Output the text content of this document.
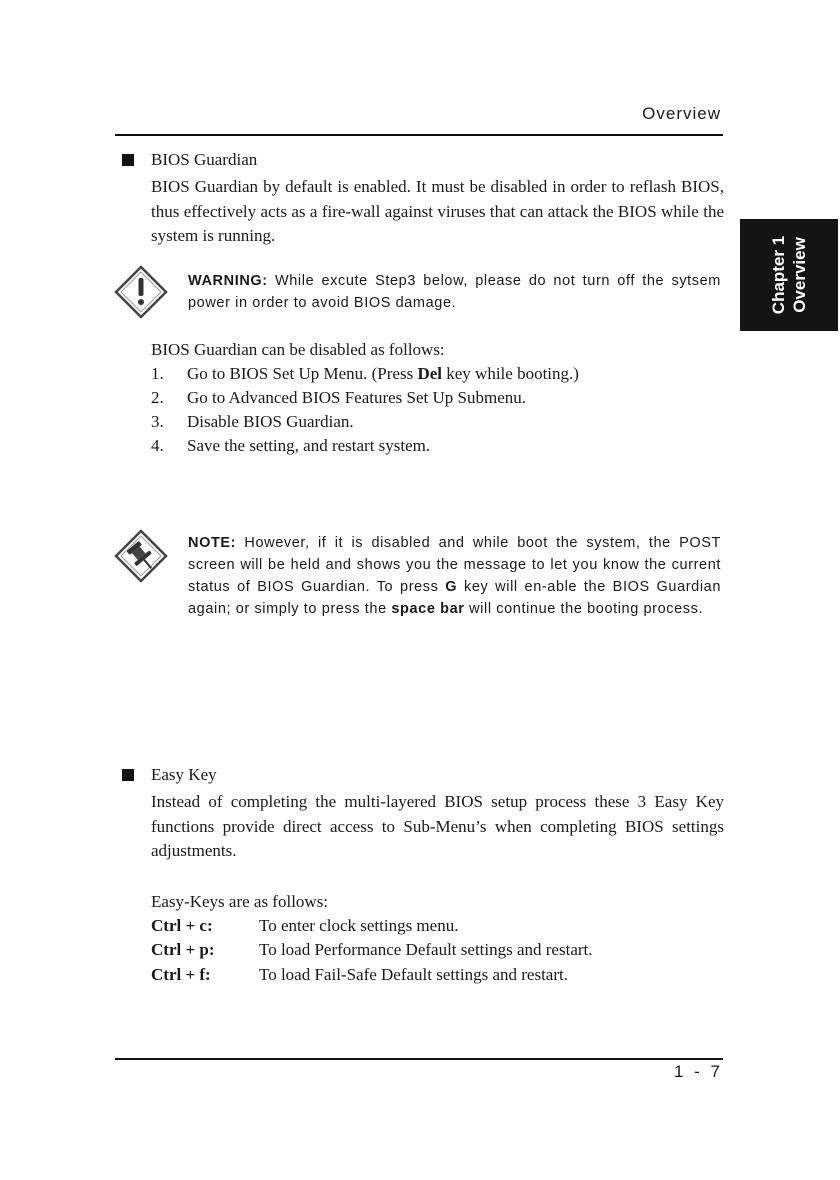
Overview
Chapter 1 Overview
BIOS Guardian
BIOS Guardian by default is enabled. It must be disabled in order to reflash BIOS, thus effectively acts as a fire-wall against viruses that can attack the BIOS while the system is running.
WARNING: While excute Step3 below, please do not turn off the sytsem power in order to avoid BIOS damage.
BIOS Guardian can be disabled as follows:
1.	Go to BIOS Set Up Menu. (Press Del key while booting.)
2.	Go to Advanced BIOS Features Set Up Submenu.
3.	Disable BIOS Guardian.
4.	Save the setting, and restart system.
NOTE: However, if it is disabled and while boot the system, the POST screen will be held and shows you the message to let you know the current status of BIOS Guardian. To press G key will en-able the BIOS Guardian again; or simply to press the space bar will continue the booting process.
Easy Key
Instead of completing the multi-layered BIOS setup process these 3 Easy Key functions provide direct access to Sub-Menu’s when completing BIOS settings adjustments.
Easy-Keys are as follows:
Ctrl + c:	To enter clock settings menu.
Ctrl + p:	To load Performance Default settings and restart.
Ctrl + f:	To load Fail-Safe Default settings and restart.
1 - 7
